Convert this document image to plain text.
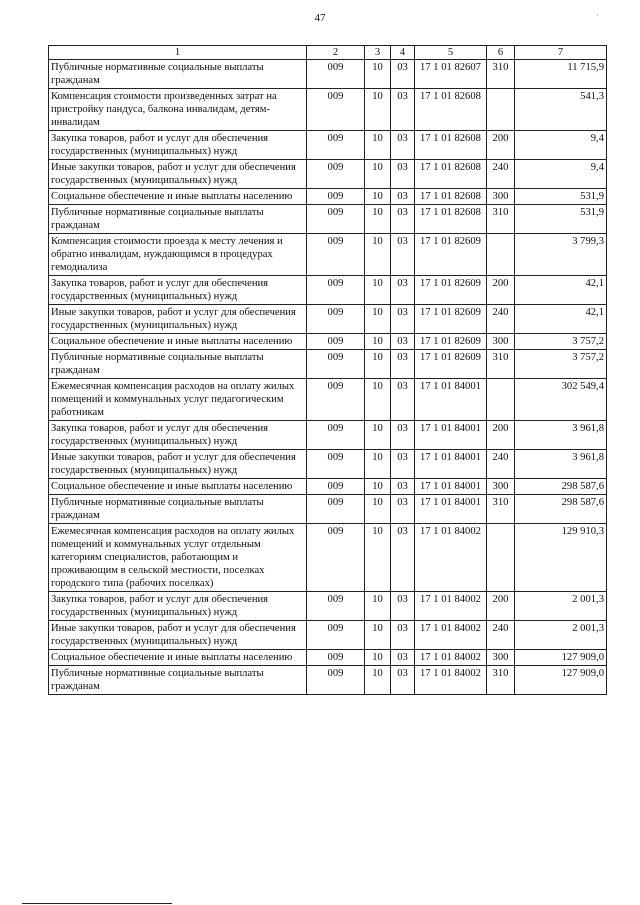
47	·
1	2	3	4	5	6	7
Публичные нормативные социальные выплаты гражданам	009	10	03	17 1 01 82607	310	11 715,9
Компенсация стоимости произведенных затрат на пристройку пандуса, балкона инвалидам, детям-инвалидам	009	10	03	17 1 01 82608		541,3
Закупка товаров, работ и услуг для обеспечения государственных (муниципальных) нужд	009	10	03	17 1 01 82608	200	9,4
Иные закупки товаров, работ и услуг для обеспечения государственных (муниципальных) нужд	009	10	03	17 1 01 82608	240	9,4
Социальное обеспечение и иные выплаты населению	009	10	03	17 1 01 82608	300	531,9
Публичные нормативные социальные выплаты гражданам	009	10	03	17 1 01 82608	310	531,9
Компенсация стоимости проезда к месту лечения и обратно инвалидам, нуждающимся в процедурах гемодиализа	009	10	03	17 1 01 82609		3 799,3
Закупка товаров, работ и услуг для обеспечения государственных (муниципальных) нужд	009	10	03	17 1 01 82609	200	42,1
Иные закупки товаров, работ и услуг для обеспечения государственных (муниципальных) нужд	009	10	03	17 1 01 82609	240	42,1
Социальное обеспечение и иные выплаты населению	009	10	03	17 1 01 82609	300	3 757,2
Публичные нормативные социальные выплаты гражданам	009	10	03	17 1 01 82609	310	3 757,2
Ежемесячная компенсация расходов на оплату жилых помещений и коммунальных услуг педагогическим работникам	009	10	03	17 1 01 84001		302 549,4
Закупка товаров, работ и услуг для обеспечения государственных (муниципальных) нужд	009	10	03	17 1 01 84001	200	3 961,8
Иные закупки товаров, работ и услуг для обеспечения государственных (муниципальных) нужд	009	10	03	17 1 01 84001	240	3 961,8
Социальное обеспечение и иные выплаты населению	009	10	03	17 1 01 84001	300	298 587,6
Публичные нормативные социальные выплаты гражданам	009	10	03	17 1 01 84001	310	298 587,6
Ежемесячная компенсация расходов на оплату жилых помещений и коммунальных услуг отдельным категориям специалистов, работающим и проживающим в сельской местности, поселках городского типа (рабочих поселках)	009	10	03	17 1 01 84002		129 910,3
Закупка товаров, работ и услуг для обеспечения государственных (муниципальных) нужд	009	10	03	17 1 01 84002	200	2 001,3
Иные закупки товаров, работ и услуг для обеспечения государственных (муниципальных) нужд	009	10	03	17 1 01 84002	240	2 001,3
Социальное обеспечение и иные выплаты населению	009	10	03	17 1 01 84002	300	127 909,0
Публичные нормативные социальные выплаты гражданам	009	10	03	17 1 01 84002	310	127 909,0
